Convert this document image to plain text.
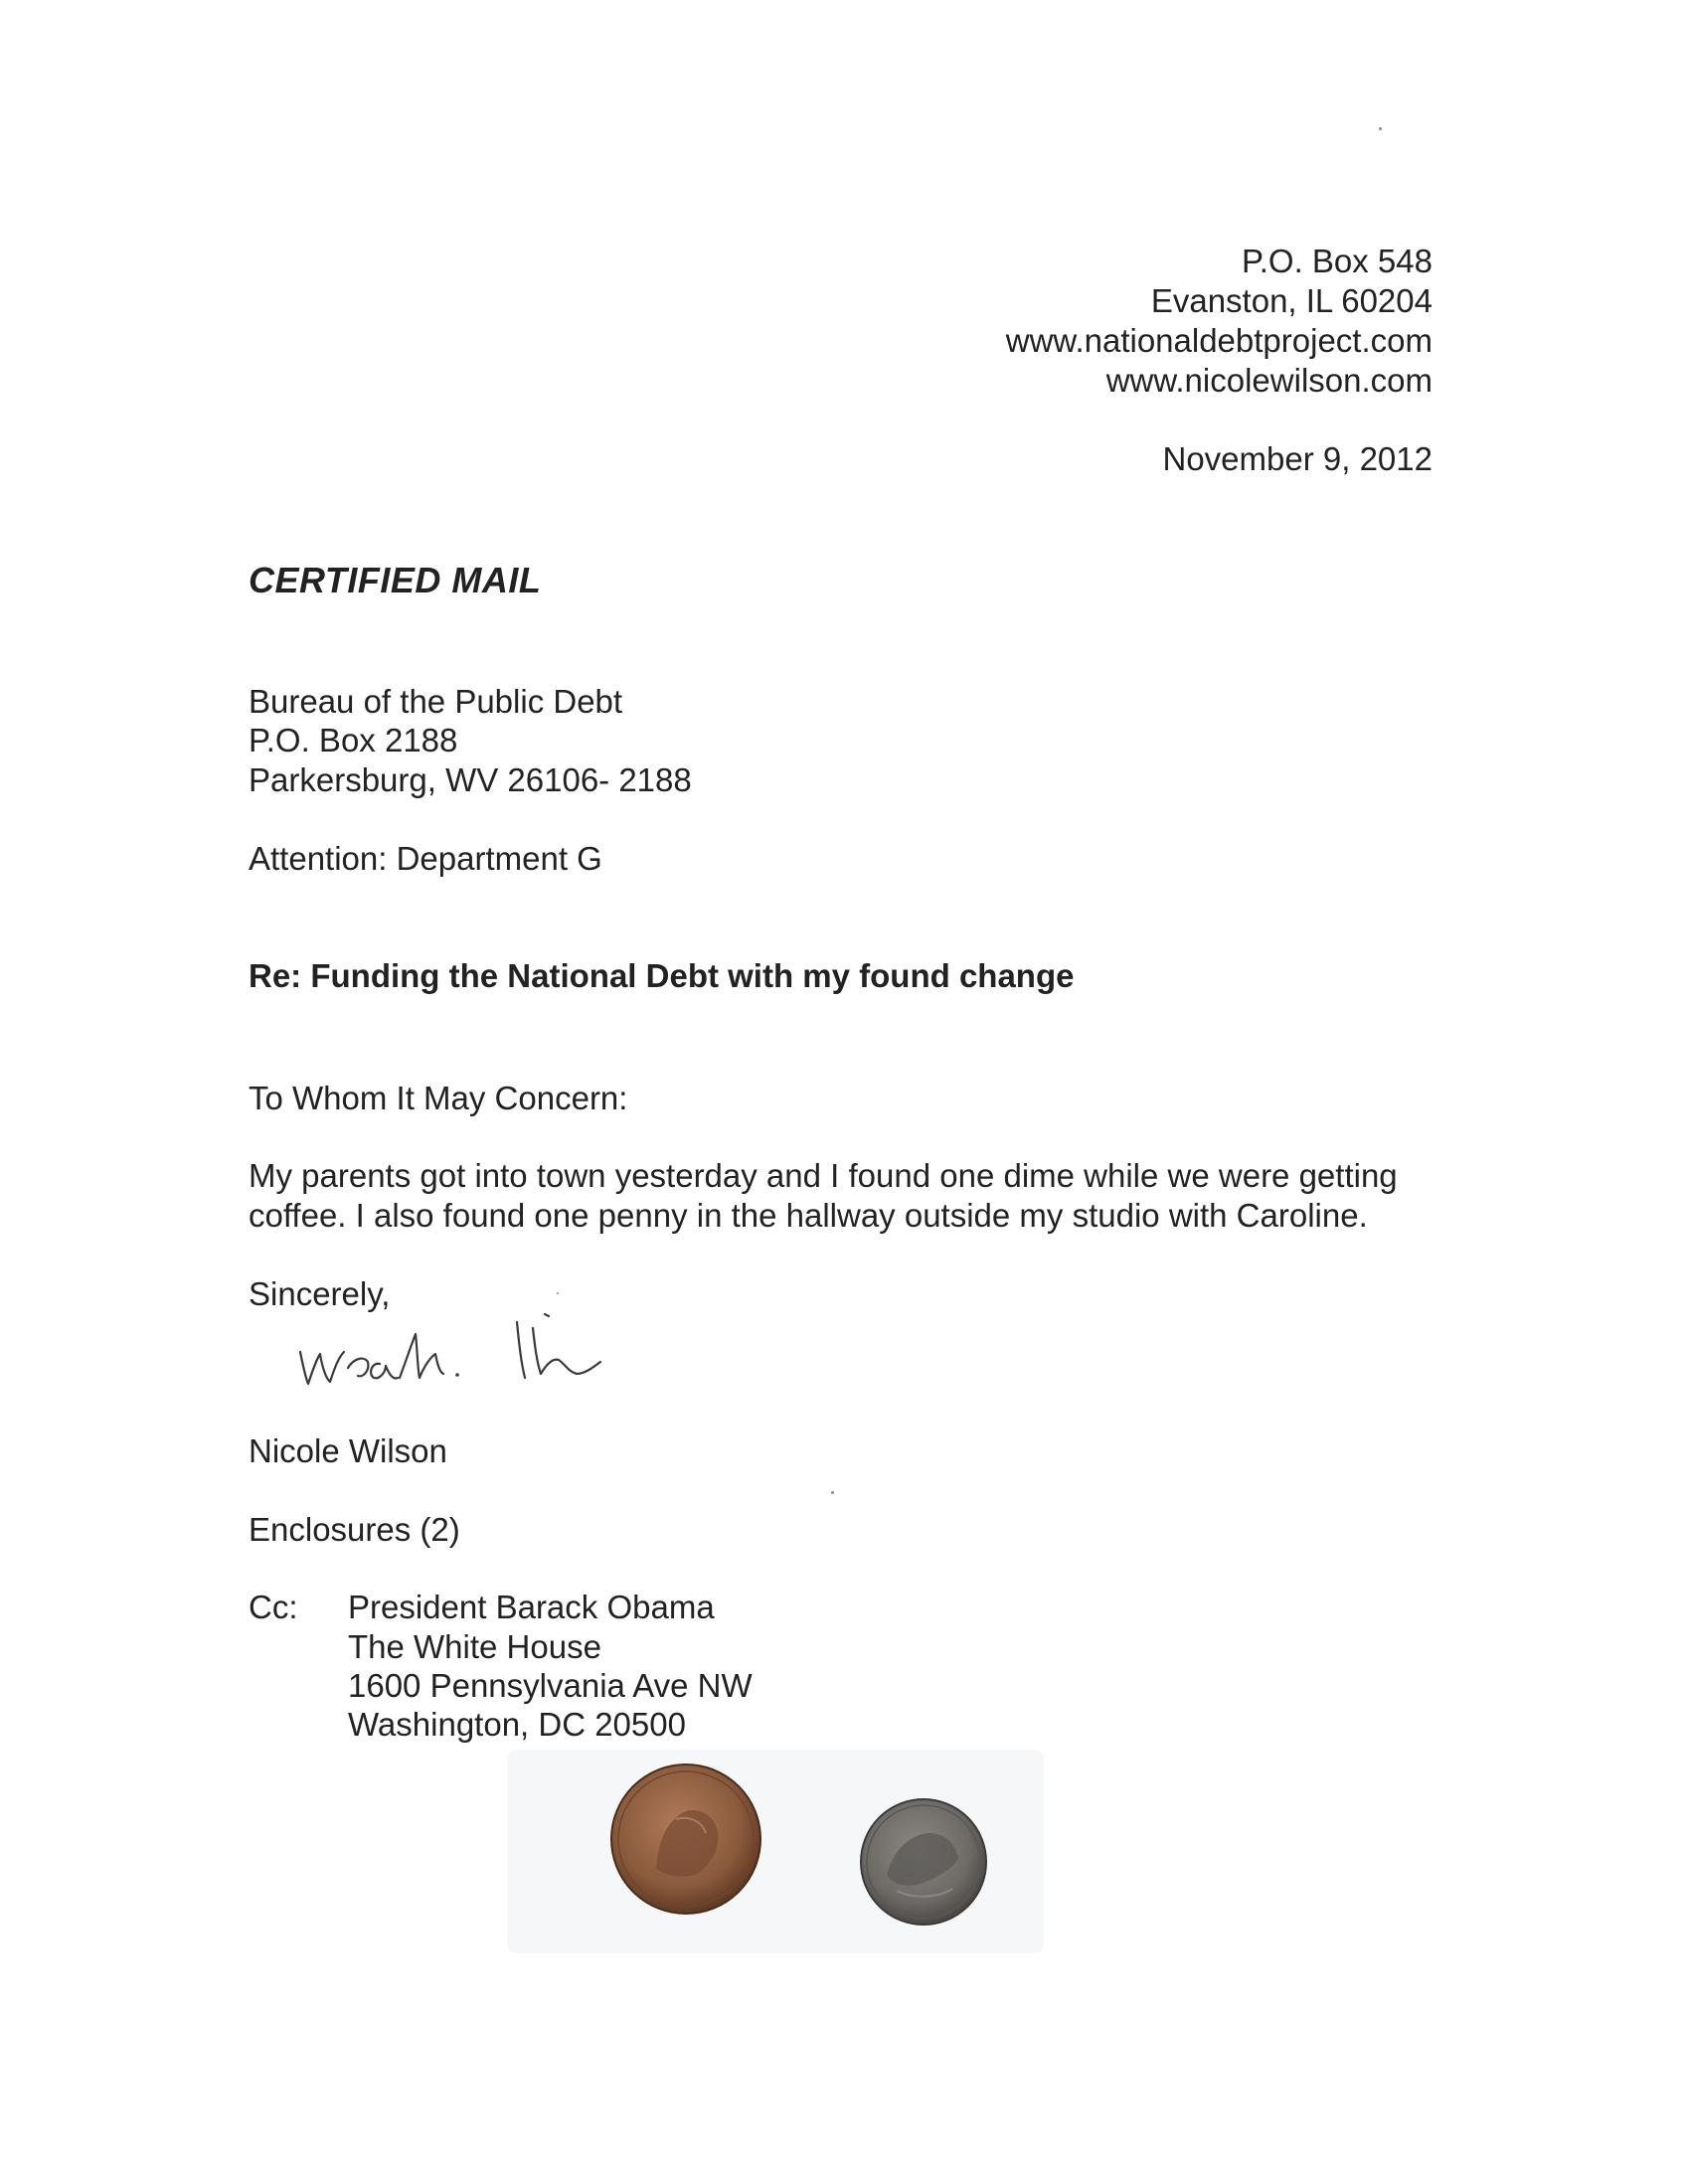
P.O. Box 548
Evanston, IL 60204
www.nationaldebtproject.com
www.nicolewilson.com
November 9, 2012
CERTIFIED MAIL
Bureau of the Public Debt
P.O. Box 2188
Parkersburg, WV 26106- 2188
Attention: Department G
Re: Funding the National Debt with my found change
To Whom It May Concern:
My parents got into town yesterday and I found one dime while we were getting
coffee. I also found one penny in the hallway outside my studio with Caroline.
Sincerely,
Nicole Wilson
Enclosures (2)
Cc: President Barack Obama
The White House
1600 Pennsylvania Ave NW
Washington, DC 20500
